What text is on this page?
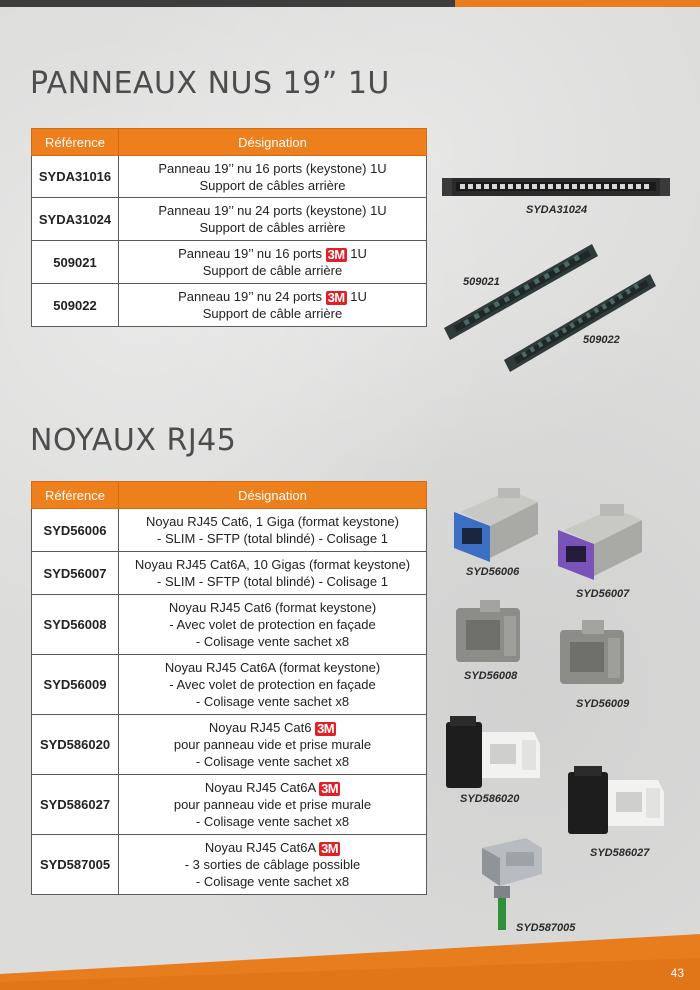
PANNEAUX NUS 19” 1U
Référence	Désignation
SYDA31016	Panneau 19’’ nu 16 ports (keystone) 1U
Support de câbles arrière

SYDA31024	Panneau 19’’ nu 24 ports (keystone) 1U
Support de câbles arrière

509021	Panneau 19’’ nu 16 ports 3M 1U
Support de câble arrière

509022	Panneau 19’’ nu 24 ports 3M 1U
Support de câble arrière
SYDA31024
509021
509022
NOYAUX RJ45
Référence	Désignation
SYD56006	Noyau RJ45 Cat6, 1 Giga (format keystone)
- SLIM - SFTP (total blindé) - Colisage 1

SYD56007	Noyau RJ45 Cat6A, 10 Gigas (format keystone)
- SLIM - SFTP (total blindé) - Colisage 1

SYD56008	Noyau RJ45 Cat6 (format keystone)
- Avec volet de protection en façade
- Colisage vente sachet x8

SYD56009	Noyau RJ45 Cat6A (format keystone)
- Avec volet de protection en façade
- Colisage vente sachet x8

SYD586020	Noyau RJ45 Cat6 3M
pour panneau vide et prise murale
- Colisage vente sachet x8

SYD586027	Noyau RJ45 Cat6A 3M
pour panneau vide et prise murale
- Colisage vente sachet x8

SYD587005	Noyau RJ45 Cat6A 3M
- 3 sorties de câblage possible
- Colisage vente sachet x8
SYD56006
SYD56007
SYD56008
SYD56009
SYD586020
SYD586027
SYD587005
43
